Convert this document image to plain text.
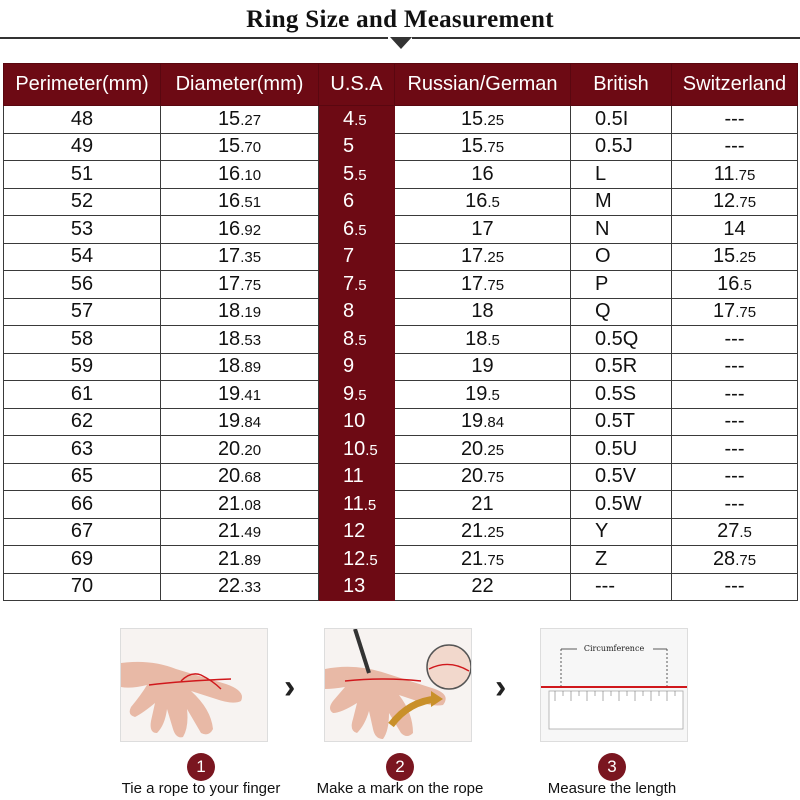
Ring Size and Measurement
Perimeter(mm)	Diameter(mm)	U.S.A	Russian/German	British	Switzerland
48	15.27	4.5	15.25	0.5I	---
49	15.70	5	15.75	0.5J	---
51	16.10	5.5	16	L	11.75
52	16.51	6	16.5	M	12.75
53	16.92	6.5	17	N	14
54	17.35	7	17.25	O	15.25
56	17.75	7.5	17.75	P	16.5
57	18.19	8	18	Q	17.75
58	18.53	8.5	18.5	0.5Q	---
59	18.89	9	19	0.5R	---
61	19.41	9.5	19.5	0.5S	---
62	19.84	10	19.84	0.5T	---
63	20.20	10.5	20.25	0.5U	---
65	20.68	11	20.75	0.5V	---
66	21.08	11.5	21	0.5W	---
67	21.49	12	21.25	Y	27.5
69	21.89	12.5	21.75	Z	28.75
70	22.33	13	22	---	---
›	›
Circumference
1	2	3
Tie a rope to your finger	Make a mark on the rope	Measure the length
